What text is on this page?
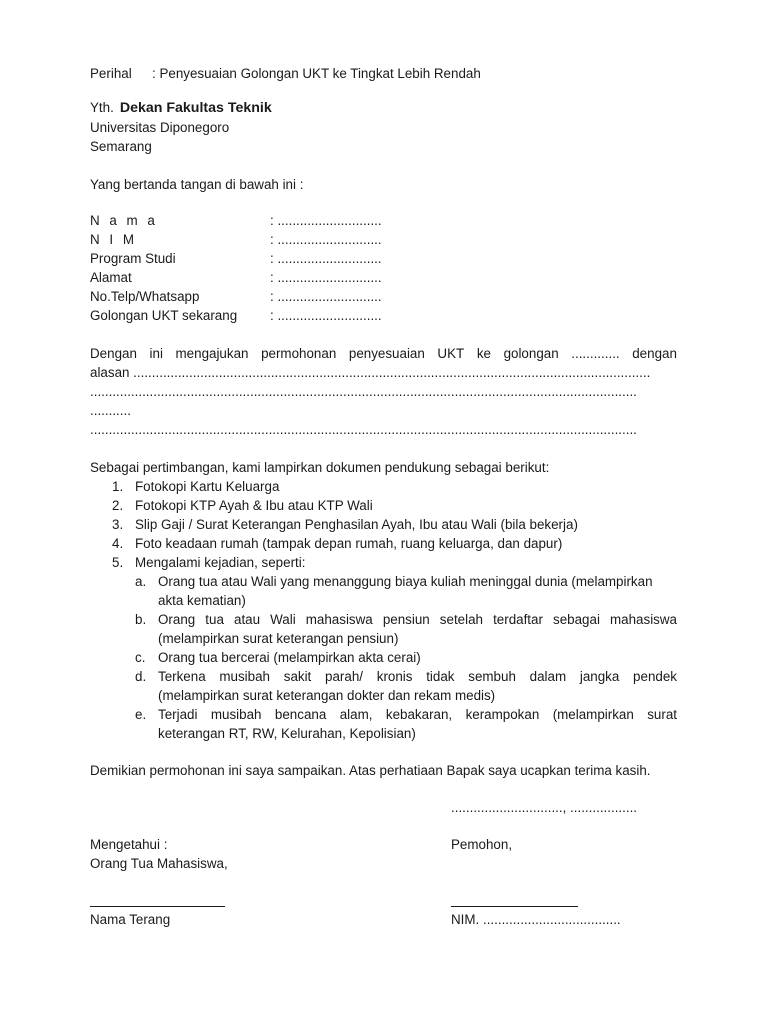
Perihal : Penyesuaian Golongan UKT ke Tingkat Lebih Rendah
Yth. Dekan Fakultas Teknik
Universitas Diponegoro
Semarang
Yang bertanda tangan di bawah ini :
N a m a	: ............................
N I M	: ............................
Program Studi	: ............................
Alamat	: ............................
No.Telp/Whatsapp	: ............................
Golongan UKT sekarang : ............................
Dengan ini mengajukan permohonan penyesuaian UKT ke golongan ............. dengan
alasan ...........................................................................................................................................
...................................................................................................................................................
...........
...................................................................................................................................................
Sebagai pertimbangan, kami lampirkan dokumen pendukung sebagai berikut:
1. Fotokopi Kartu Keluarga
2. Fotokopi KTP Ayah & Ibu atau KTP Wali
3. Slip Gaji / Surat Keterangan Penghasilan Ayah, Ibu atau Wali (bila bekerja)
4. Foto keadaan rumah (tampak depan rumah, ruang keluarga, dan dapur)
5. Mengalami kejadian, seperti:
a. Orang tua atau Wali yang menanggung biaya kuliah meninggal dunia (melampirkan
akta kematian)
b. Orang tua atau Wali mahasiswa pensiun setelah terdaftar sebagai mahasiswa
(melampirkan surat keterangan pensiun)
c. Orang tua bercerai (melampirkan akta cerai)
d. Terkena musibah sakit parah/ kronis tidak sembuh dalam jangka pendek
(melampirkan surat keterangan dokter dan rekam medis)
e. Terjadi musibah bencana alam, kebakaran, kerampokan (melampirkan surat
keterangan RT, RW, Kelurahan, Kepolisian)
Demikian permohonan ini saya sampaikan. Atas perhatiaan Bapak saya ucapkan terima kasih.
.............................., ..................
Mengetahui :
Orang Tua Mahasiswa,
Pemohon,
Nama Terang	NIM. .....................................
